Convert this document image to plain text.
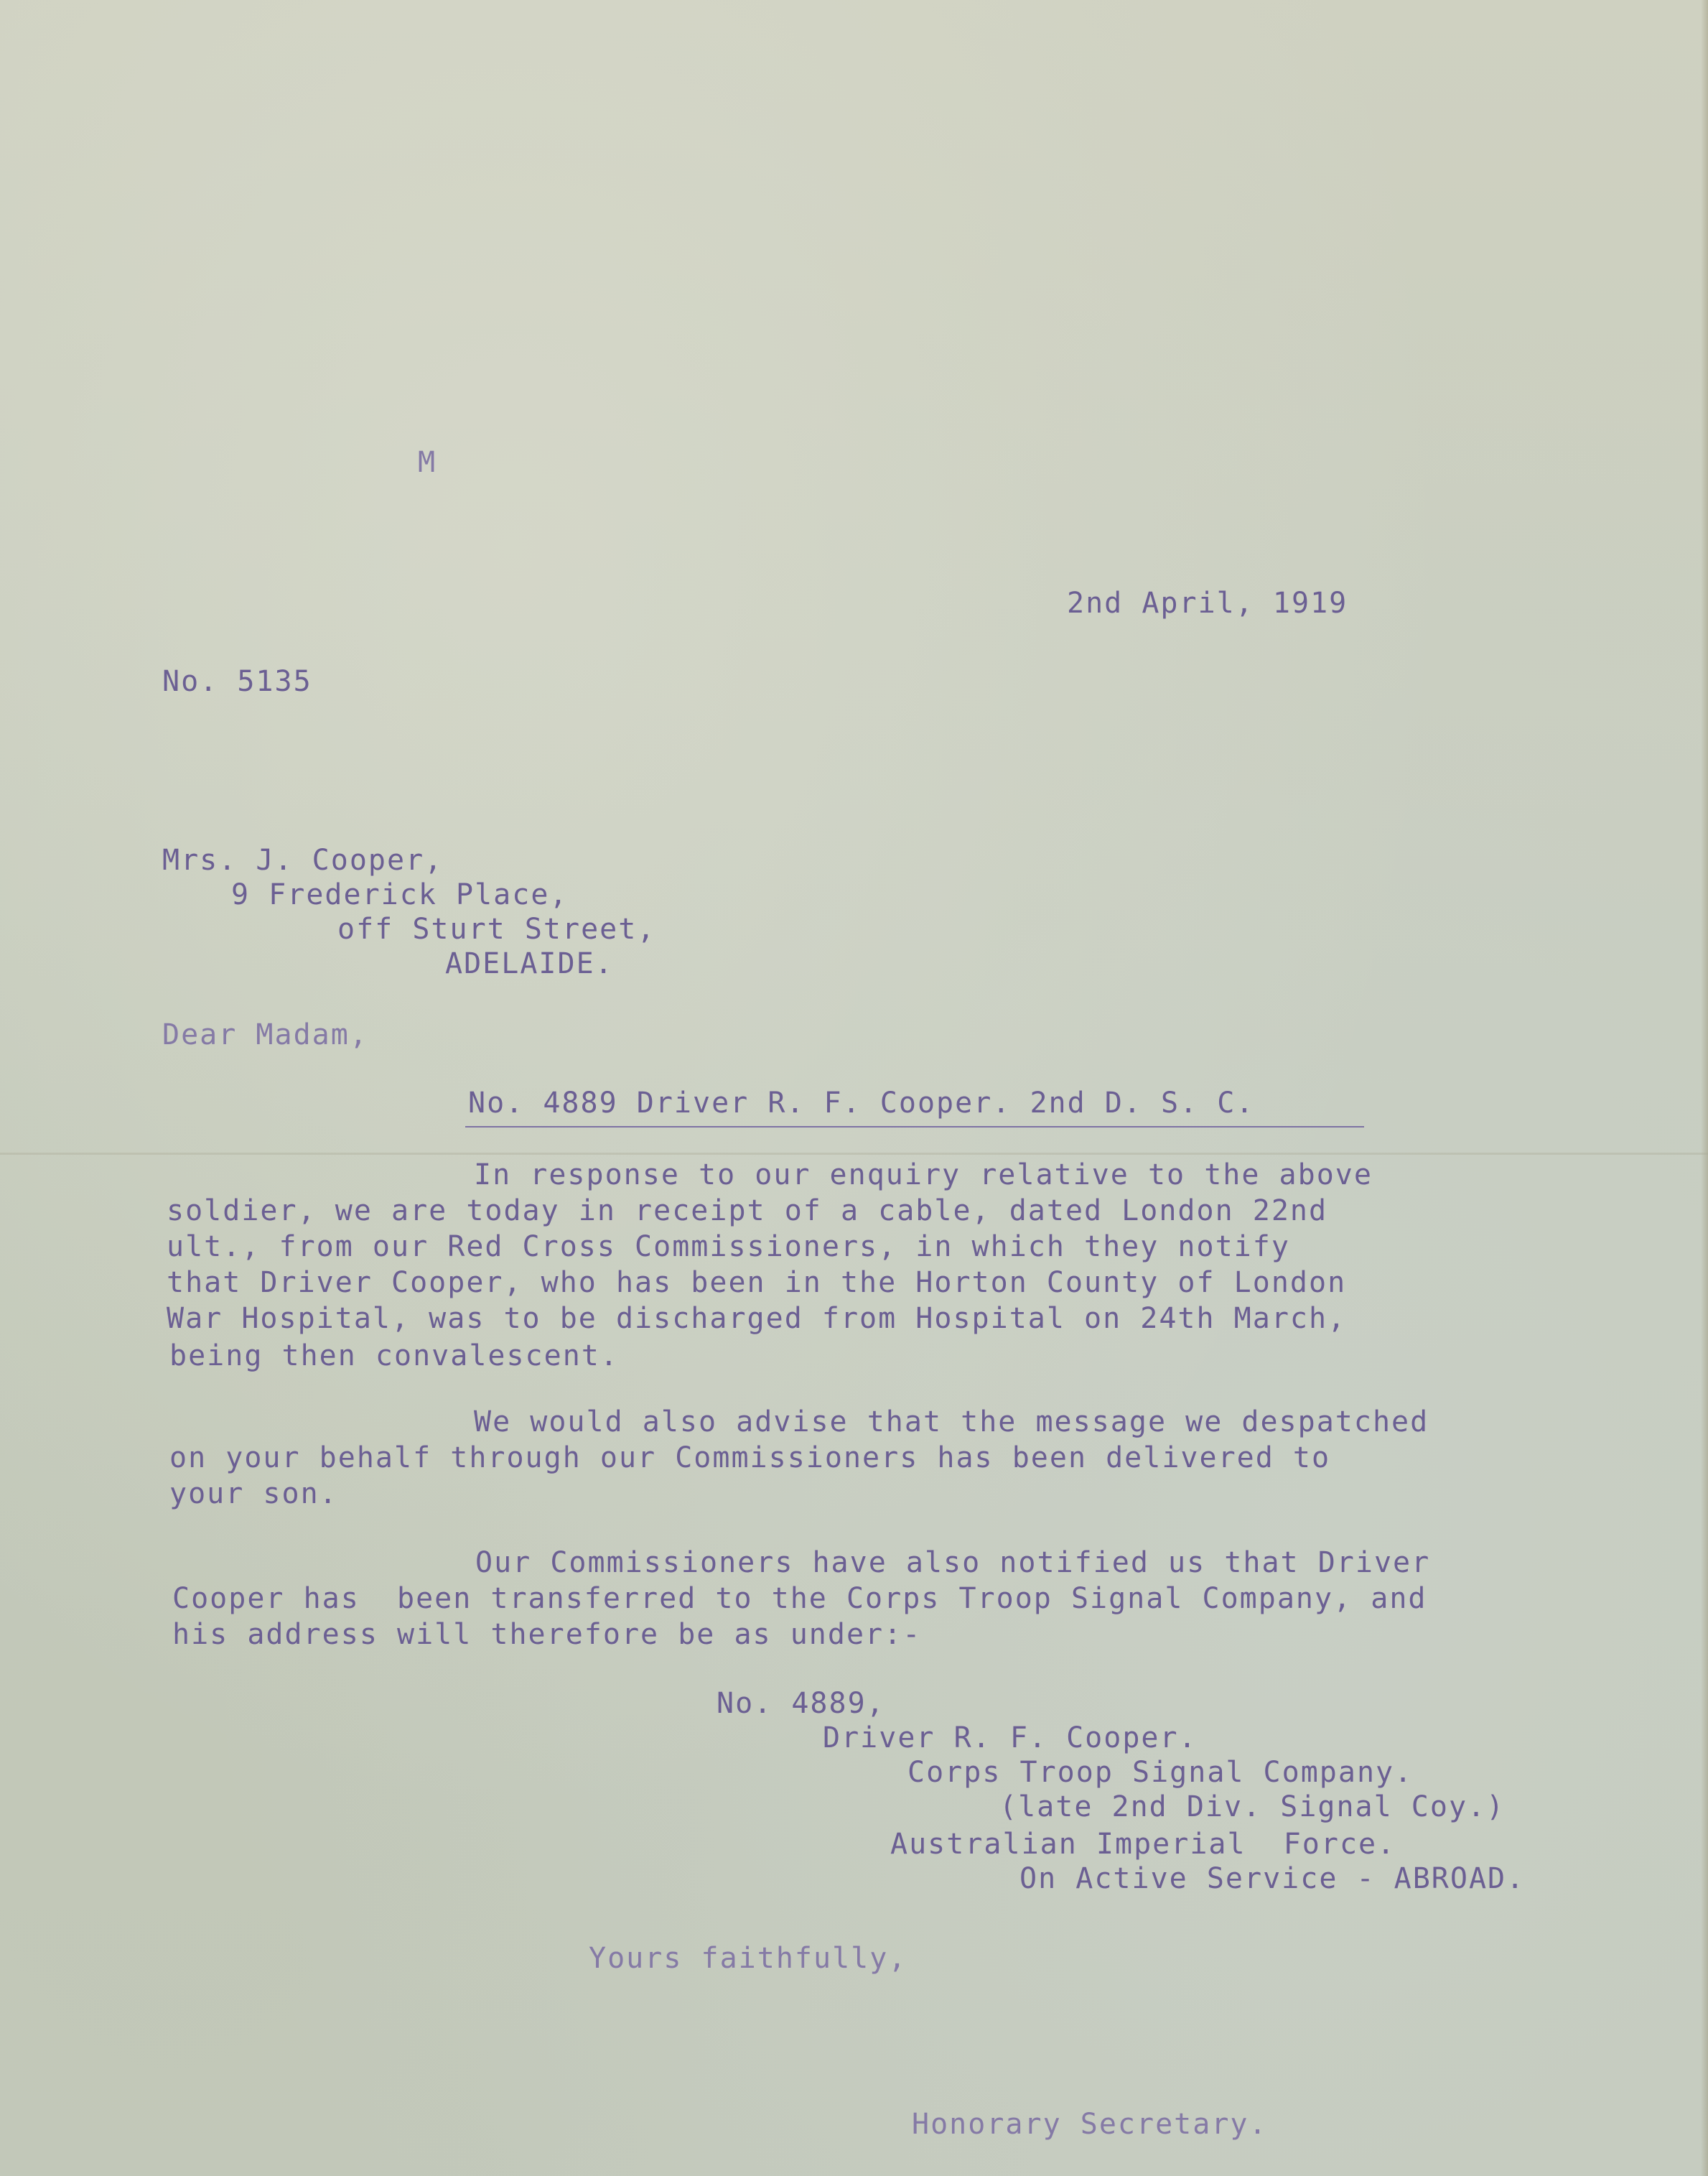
M
2nd April, 1919
No. 5135
Mrs. J. Cooper,
9 Frederick Place,
off Sturt Street,
ADELAIDE.
Dear Madam,
No. 4889 Driver R. F. Cooper. 2nd D. S. C.
In response to our enquiry relative to the above
soldier, we are today in receipt of a cable, dated London 22nd
ult., from our Red Cross Commissioners, in which they notify
that Driver Cooper, who has been in the Horton County of London
War Hospital, was to be discharged from Hospital on 24th March,
being then convalescent.
We would also advise that the message we despatched
on your behalf through our Commissioners has been delivered to
your son.
Our Commissioners have also notified us that Driver
Cooper has  been transferred to the Corps Troop Signal Company, and
his address will therefore be as under:-
No. 4889,
Driver R. F. Cooper.
Corps Troop Signal Company.
(late 2nd Div. Signal Coy.)
Australian Imperial  Force.
On Active Service - ABROAD.
Yours faithfully,
Honorary Secretary.
